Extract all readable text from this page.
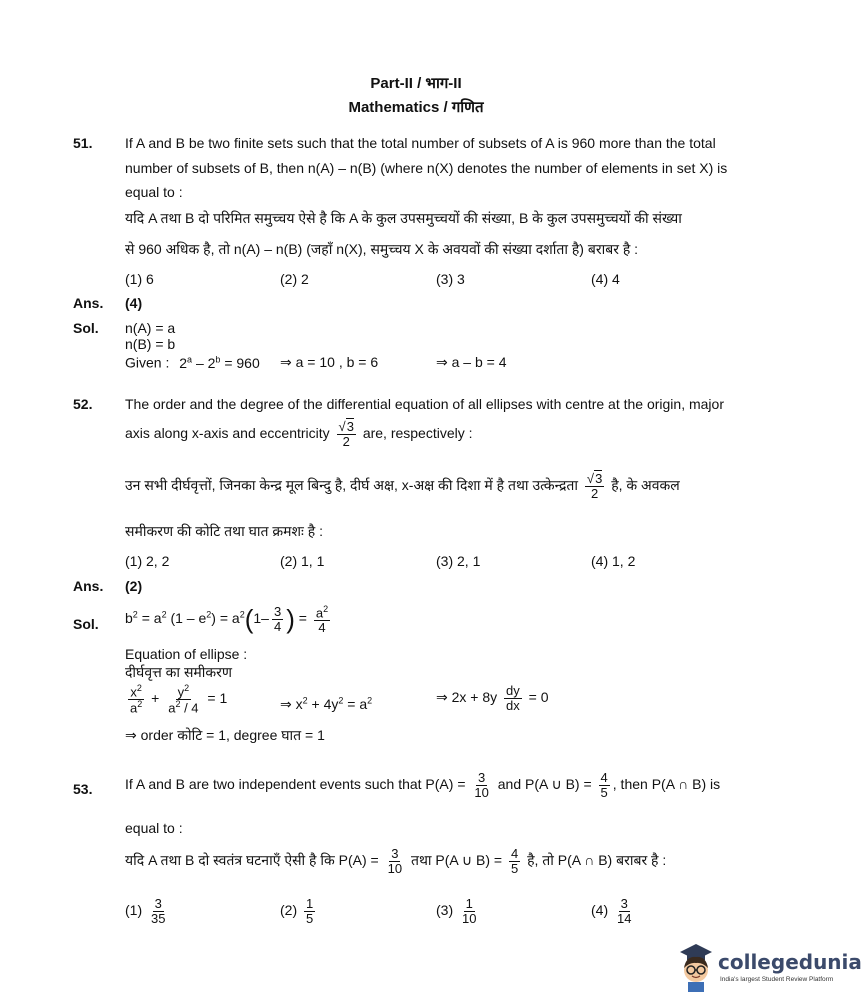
Part-II / भाग-II
Mathematics / गणित
51. If A and B be two finite sets such that the total number of subsets of A is 960 more than the total
number of subsets of B, then n(A) – n(B) (where n(X) denotes the number of elements in set X) is
equal to :
यदि A तथा B दो परिमित समुच्चय ऐसे है कि A के कुल उपसमुच्चयों की संख्या, B के कुल उपसमुच्चयों की संख्या
से 960 अधिक है, तो n(A) – n(B) (जहाँ n(X), समुच्चय X के अवयवों की संख्या दर्शाता है) बराबर है :
(1) 6	(2) 2	(3) 3	(4) 4
Ans. (4)
Sol. n(A) = a
n(B) = b
Given : $2^a - 2^b = 960$ ⇒ a = 10 , b = 6	⇒ a – b = 4
52. The order and the degree of the differential equation of all ellipses with centre at the origin, major
axis along x-axis and eccentricity $\frac{√3}{2}$ are, respectively :
उन सभी दीर्घवृत्तों, जिनका केन्द्र मूल बिन्दु है, दीर्घ अक्ष, x-अक्ष की दिशा में है तथा उत्केन्द्रता $\frac{√3}{2}$ है, के अवकल
समीकरण की कोटि तथा घात क्रमशः है :
(1) 2, 2	(2) 1, 1	(3) 2, 1	(4) 1, 2
Ans. (2)
Sol. $b^2 = a^2$ $(1 - e^2) = a^2(1- \frac{3}{4}$ ) = $\frac{a^2}{4}$
Equation of ellipse :
दीर्घवृत्त का समीकरण
$\frac{x^2}{a^2} + \frac{y^2}{a^2 / 4} = 1$	⇒ $x^2 + 4y^2 = a^2$	⇒ $2x + 8y \frac{dy}{dx} = 0$
⇒ order कोटि = 1, degree घात = 1
53. If A and B are two independent events such that $P(A) = \frac{3}{10}$ and P(A ∪ $B) = \frac{4}{5}$ , then P(A ∩ B) is
equal to :
यदि A तथा B दो स्वतंत्र घटनाएँ ऐसी है कि $P(A) = \frac{3}{10}$ तथा P(A ∪ $B) = \frac{4}{5}$ है, तो P(A ∩ B) बराबर है :
$(1) \frac{3}{35}$	$(2) \frac{1}{5}$	$(3) \frac{1}{10}$	$(4) \frac{3}{14}$
collegedunia
India's largest Student Review Platform
